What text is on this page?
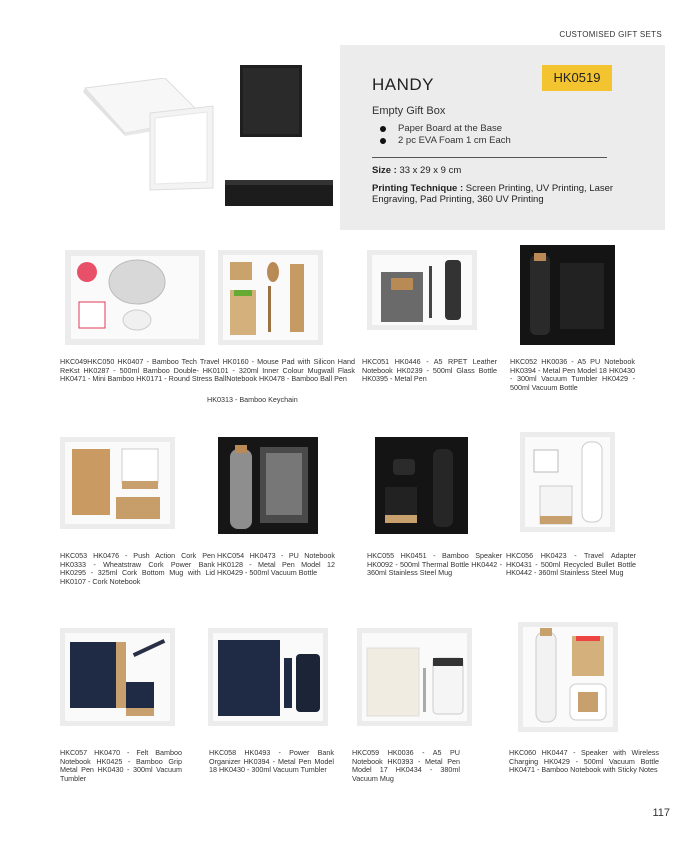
CUSTOMISED GIFT SETS
HANDY	HK0519
Empty Gift Box
Paper Board at the Base
2 pc EVA Foam 1 cm Each
Size : 33 x 29 x 9 cm
Printing Technique : Screen Printing, UV Printing, Laser Engraving, Pad Printing, 360 UV Printing
HKC049HKC050 HK0407 - Bamboo Tech Travel HK0160 - Mouse Pad with Silicon Hand ReKst HK0287 - 500ml Bamboo Double- HK0101 - 320ml Inner Colour Mugwall Flask HK0471 - Mini Bamboo HK0171 - Round Stress BallNotebook HK0478 - Bamboo Ball Pen
HK0313 - Bamboo Keychain
HKC051 HK0446 - A5 RPET Leather Notebook HK0239 - 500ml Glass Bottle HK0395 - Metal Pen
HKC052 HK0036 - A5 PU Notebook HK0394 - Metal Pen Model 18 HK0430 - 300ml Vacuum Tumbler HK0429 - 500ml Vacuum Bottle
HKC053 HK0476 - Push Action Cork Pen HK0333 - Wheatstraw Cork Power Bank HK0295 - 325ml Cork Bottom Mug with Lid HK0107 - Cork Notebook
HKC054 HK0473 - PU Notebook HK0128 - Metal Pen Model 12 HK0429 - 500ml Vacuum Bottle
HKC055 HK0451 - Bamboo Speaker HK0092 - 500ml Thermal Bottle HK0442 - 360ml Stainless Steel Mug
HKC056 HK0423 - Travel Adapter HK0431 - 500ml Recycled Bullet Bottle HK0442 - 360ml Stainless Steel Mug
HKC057 HK0470 - Felt Bamboo Notebook HK0425 - Bamboo Grip Metal Pen HK0430 - 300ml Vacuum Tumbler
HKC058 HK0493 - Power Bank Organizer HK0394 - Metal Pen Model 18 HK0430 - 300ml Vacuum Tumbler
HKC059 HK0036 - A5 PU Notebook HK0393 - Metal Pen Model 17 HK0434 - 380ml Vacuum Mug
HKC060 HK0447 - Speaker with Wireless Charging HK0429 - 500ml Vacuum Bottle HK0471 - Bamboo Notebook with Sticky Notes
117
